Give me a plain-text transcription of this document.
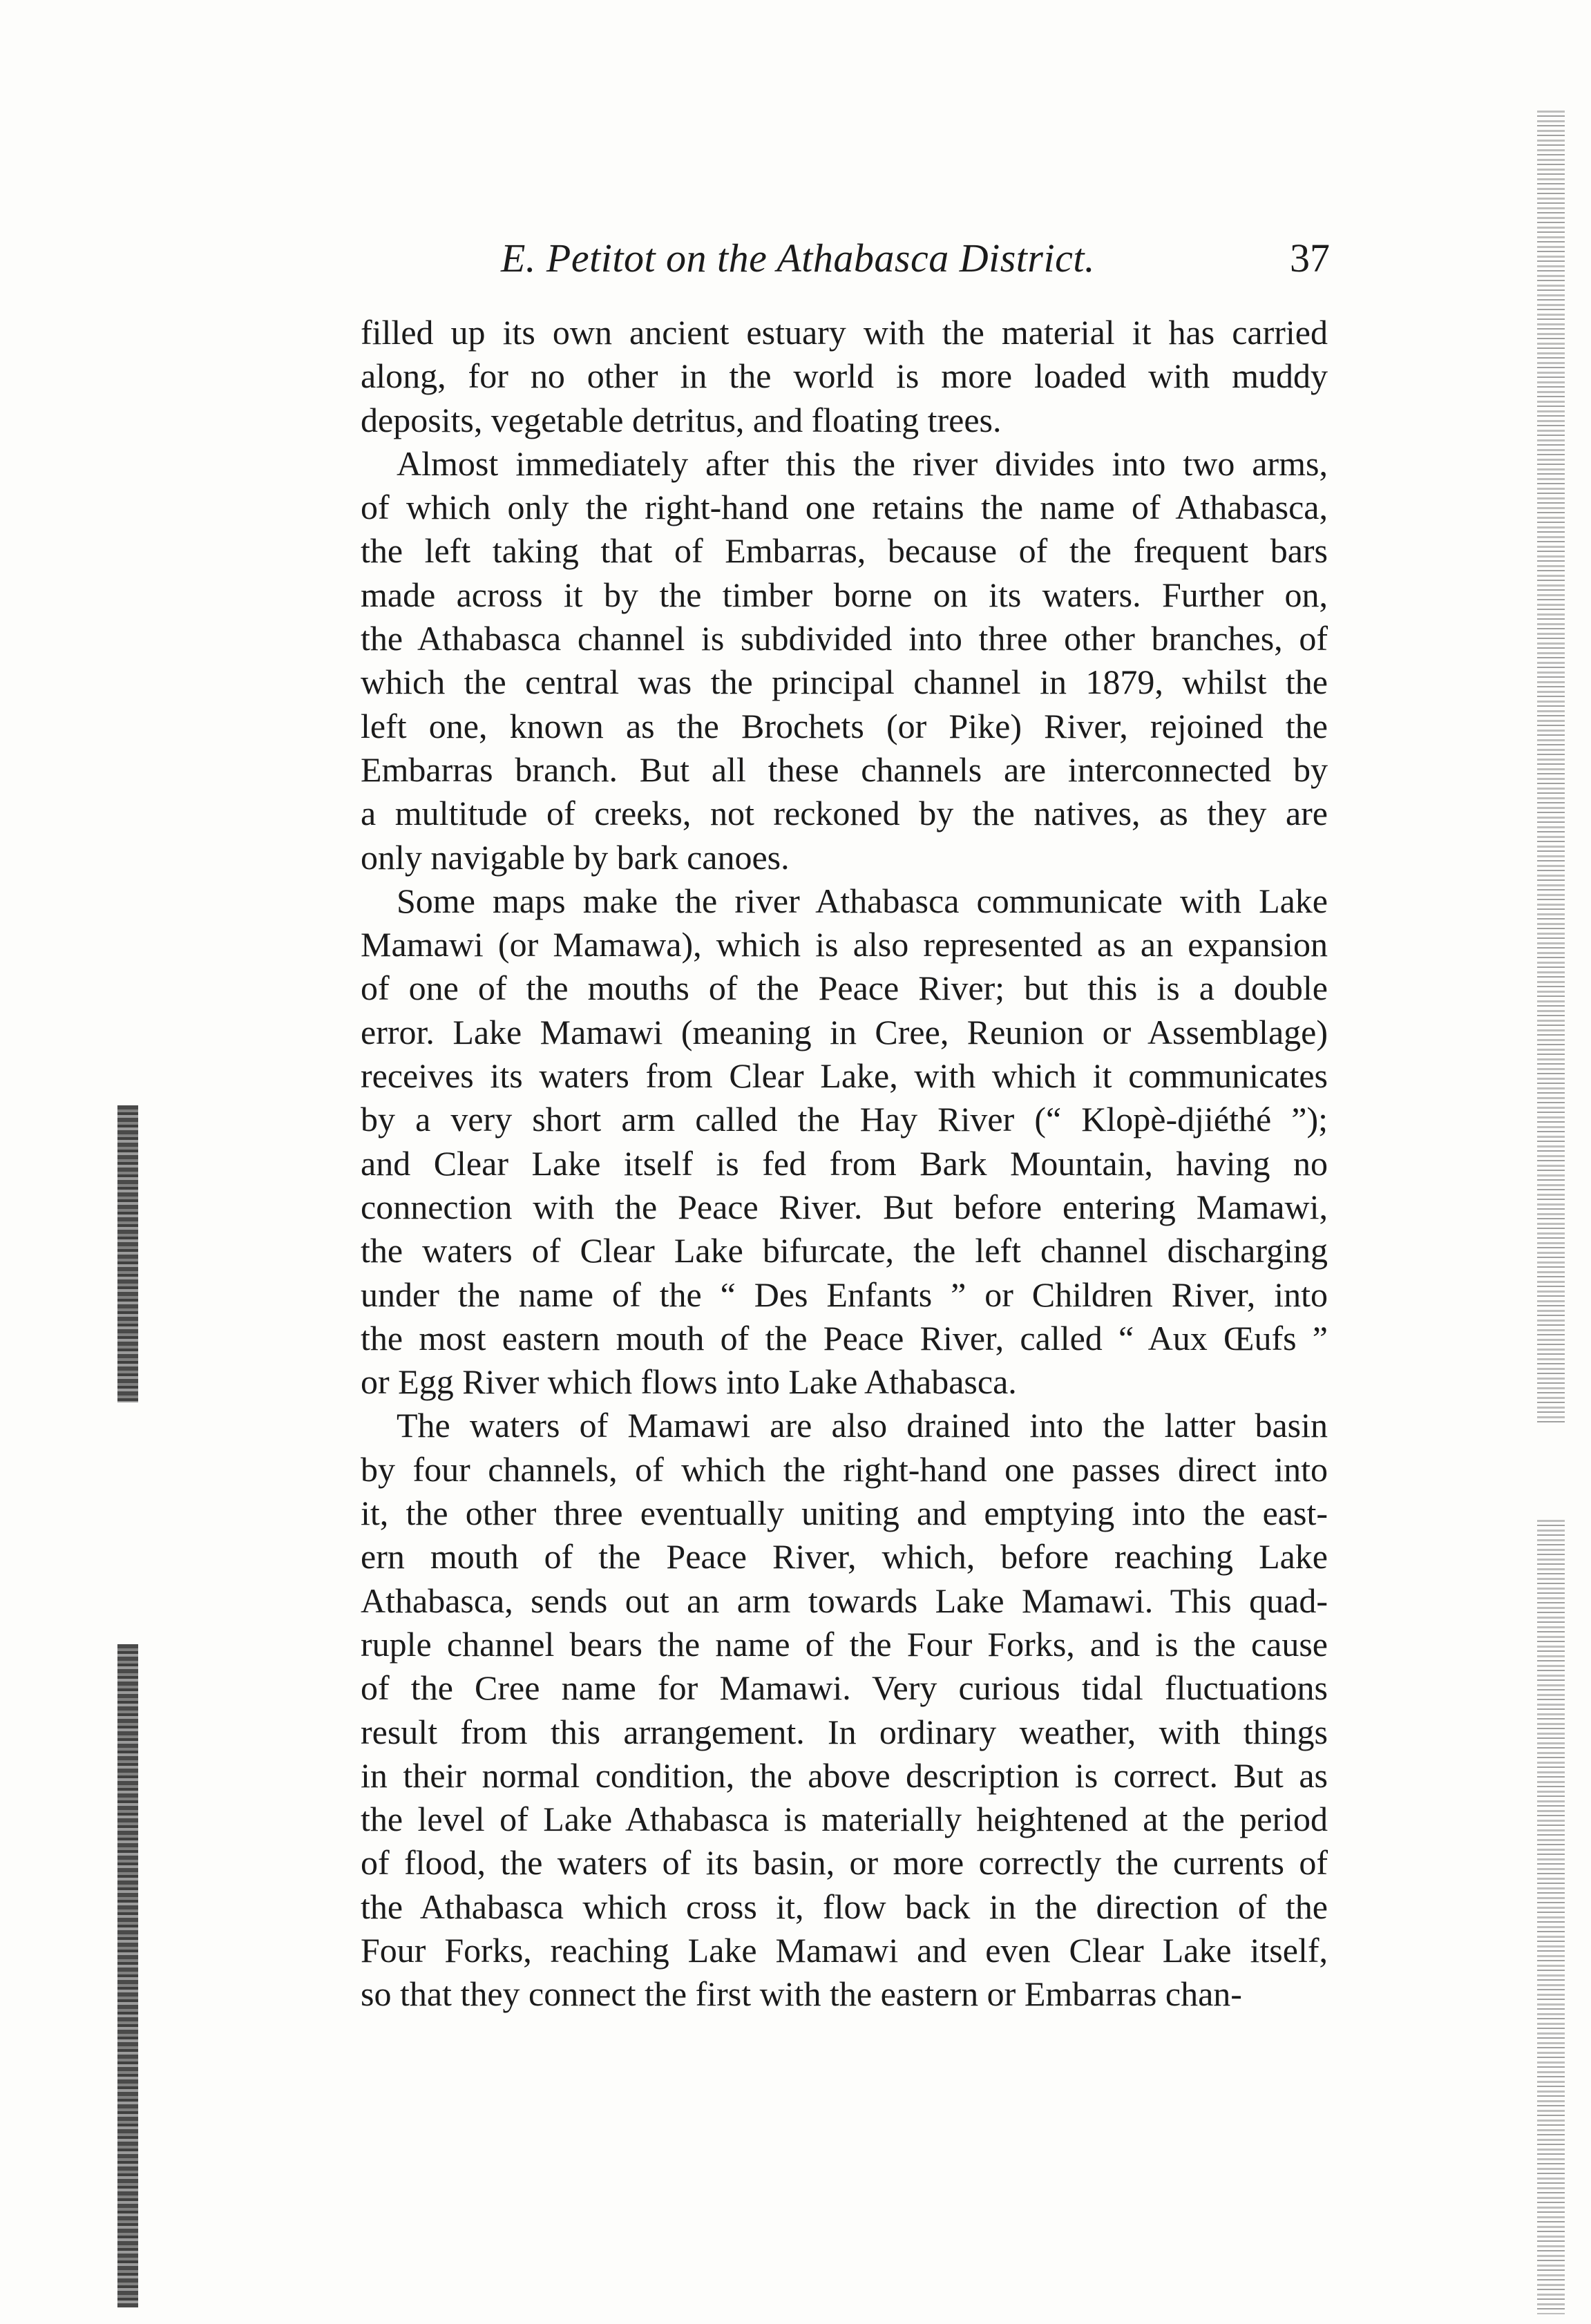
E. Petitot on the Athabasca District.	37
filled up its own ancient estuary with the material it has carried
along, for no other in the world is more loaded with muddy
deposits, vegetable detritus, and floating trees.
Almost immediately after this the river divides into two arms,
of which only the right-hand one retains the name of Athabasca,
the left taking that of Embarras, because of the frequent bars
made across it by the timber borne on its waters. Further on,
the Athabasca channel is subdivided into three other branches, of
which the central was the principal channel in 1879, whilst the
left one, known as the Brochets (or Pike) River, rejoined the
Embarras branch. But all these channels are interconnected by
a multitude of creeks, not reckoned by the natives, as they are
only navigable by bark canoes.
Some maps make the river Athabasca communicate with Lake
Mamawi (or Mamawa), which is also represented as an expansion
of one of the mouths of the Peace River; but this is a double
error. Lake Mamawi (meaning in Cree, Reunion or Assemblage)
receives its waters from Clear Lake, with which it communicates
by a very short arm called the Hay River (“ Klopè-djiéthé ”);
and Clear Lake itself is fed from Bark Mountain, having no
connection with the Peace River. But before entering Mamawi,
the waters of Clear Lake bifurcate, the left channel discharging
under the name of the “ Des Enfants ” or Children River, into
the most eastern mouth of the Peace River, called “ Aux Œufs ”
or Egg River which flows into Lake Athabasca.
The waters of Mamawi are also drained into the latter basin
by four channels, of which the right-hand one passes direct into
it, the other three eventually uniting and emptying into the east-
ern mouth of the Peace River, which, before reaching Lake
Athabasca, sends out an arm towards Lake Mamawi. This quad-
ruple channel bears the name of the Four Forks, and is the cause
of the Cree name for Mamawi. Very curious tidal fluctuations
result from this arrangement. In ordinary weather, with things
in their normal condition, the above description is correct. But as
the level of Lake Athabasca is materially heightened at the period
of flood, the waters of its basin, or more correctly the currents of
the Athabasca which cross it, flow back in the direction of the
Four Forks, reaching Lake Mamawi and even Clear Lake itself,
so that they connect the first with the eastern or Embarras chan-
